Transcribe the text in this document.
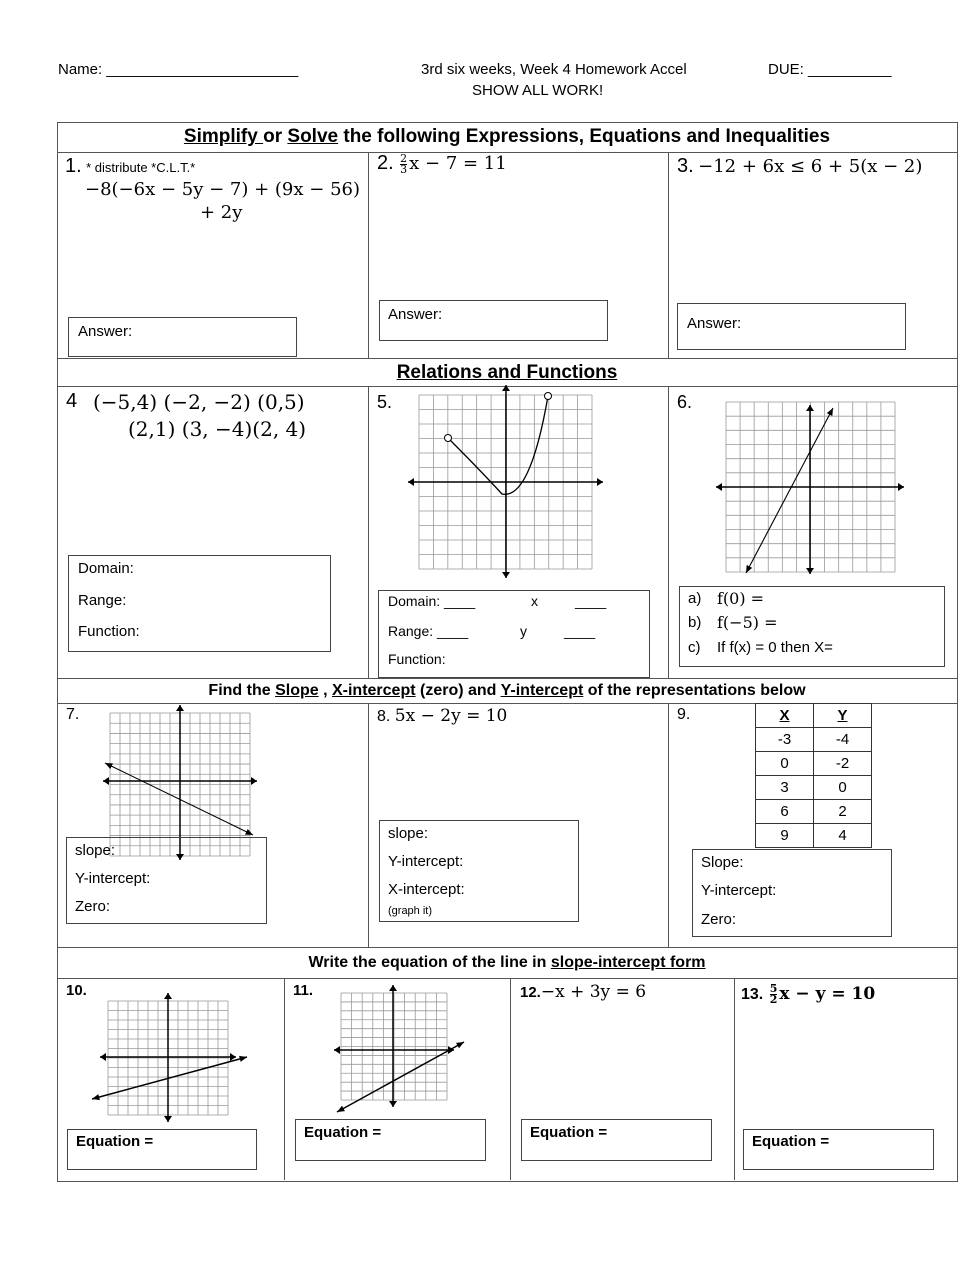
Name: _______________________	3rd six weeks, Week 4 Homework Accel	DUE: __________
SHOW ALL WORK!
Simplify or Solve the following Expressions, Equations and Inequalities
1. * distribute *C.L.T.*
−8(−6x − 5y − 7) + (9x − 56)
+ 2y
Answer:
2. $\frac{2}{3}$ x − 7 = 11
Answer:
3. −12 + 6x ≤ 6 + 5(x − 2)
Answer:
Relations and Functions
4 (−5,4) (−2, −2) (0,5)
(2,1) (3, −4)(2, 4)
Domain:
Range:
Function:
5.
Domain: ____	x	____
Range: ____	y	____
Function:
6.
a) f(0) =
b) f(−5) =
c) If f(x) = 0 then X=
Find the Slope , X-intercept (zero) and Y-intercept of the representations below
7.
slope:
Y-intercept:
Zero:
8. 5x − 2y = 10
slope:
Y-intercept:
X-intercept:
(graph it)
9.	X	Y
-3	-4
0	-2
3	0
6	2
9	4
Slope:
Y-intercept:
Zero:
Write the equation of the line in slope-intercept form
10.
Equation =
11.
Equation =
12.−x + 3y = 6
Equation =
13. $\frac{5}{2}$ x − y = 10
Equation =
